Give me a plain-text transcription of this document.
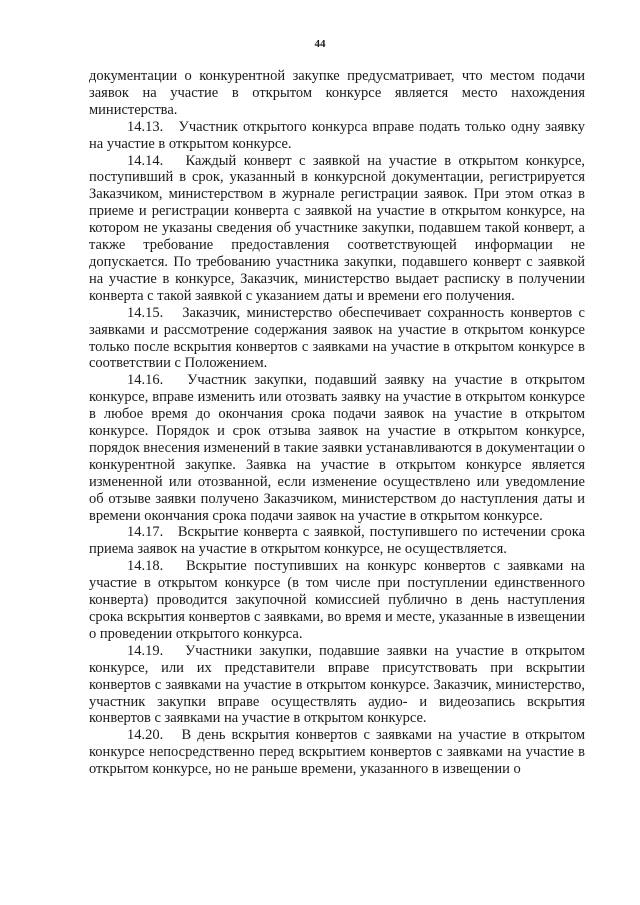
44

документации о конкурентной закупке предусматривает, что местом подачи заявок на участие в открытом конкурсе является место нахождения министерства.

14.13. Участник открытого конкурса вправе подать только одну заявку на участие в открытом конкурсе.

14.14. Каждый конверт с заявкой на участие в открытом конкурсе, поступивший в срок, указанный в конкурсной документации, регистрируется Заказчиком, министерством в журнале регистрации заявок. При этом отказ в приеме и регистрации конверта с заявкой на участие в открытом конкурсе, на котором не указаны сведения об участнике закупки, подавшем такой конверт, а также требование предоставления соответствующей информации не допускается. По требованию участника закупки, подавшего конверт с заявкой на участие в конкурсе, Заказчик, министерство выдает расписку в получении конверта с такой заявкой с указанием даты и времени его получения.

14.15. Заказчик, министерство обеспечивает сохранность конвертов с заявками и рассмотрение содержания заявок на участие в открытом конкурсе только после вскрытия конвертов с заявками на участие в открытом конкурсе в соответствии с Положением.

14.16. Участник закупки, подавший заявку на участие в открытом конкурсе, вправе изменить или отозвать заявку на участие в открытом конкурсе в любое время до окончания срока подачи заявок на участие в открытом конкурсе. Порядок и срок отзыва заявок на участие в открытом конкурсе, порядок внесения изменений в такие заявки устанавливаются в документации о конкурентной закупке. Заявка на участие в открытом конкурсе является измененной или отозванной, если изменение осуществлено или уведомление об отзыве заявки получено Заказчиком, министерством до наступления даты и времени окончания срока подачи заявок на участие в открытом конкурсе.

14.17. Вскрытие конверта с заявкой, поступившего по истечении срока приема заявок на участие в открытом конкурсе, не осуществляется.

14.18. Вскрытие поступивших на конкурс конвертов с заявками на участие в открытом конкурсе (в том числе при поступлении единственного конверта) проводится закупочной комиссией публично в день наступления срока вскрытия конвертов с заявками, во время и месте, указанные в извещении о проведении открытого конкурса.

14.19. Участники закупки, подавшие заявки на участие в открытом конкурсе, или их представители вправе присутствовать при вскрытии конвертов с заявками на участие в открытом конкурсе. Заказчик, министерство, участник закупки вправе осуществлять аудио- и видеозапись вскрытия конвертов с заявками на участие в открытом конкурсе.

14.20. В день вскрытия конвертов с заявками на участие в открытом конкурсе непосредственно перед вскрытием конвертов с заявками на участие в открытом конкурсе, но не раньше времени, указанного в извещении о
